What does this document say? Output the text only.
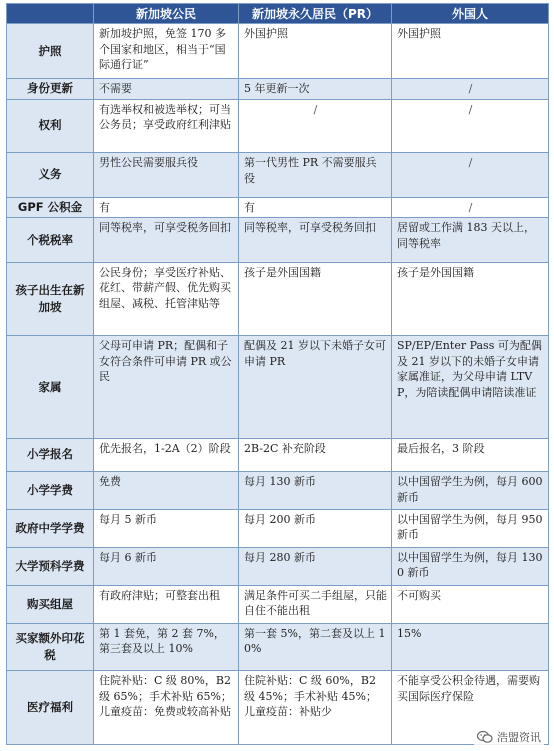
	新加坡公民	新加坡永久居民（PR）	外国人
护照	新加坡护照，免签 170 多个国家和地区，相当于“国际通行证”	外国护照	外国护照
身份更新	不需要	5 年更新一次	/
权利	有选举权和被选举权；可当公务员；享受政府红利津贴	/	/
义务	男性公民需要服兵役	第一代男性 PR 不需要服兵役	/
GPF 公积金	有	有	/
个税税率	同等税率，可享受税务回扣	同等税率，可享受税务回扣	居留或工作满 183 天以上，同等税率
孩子出生在新加坡	公民身份；享受医疗补贴、花红、带薪产假、优先购买组屋、减税、托管津贴等	孩子是外国国籍	孩子是外国国籍
家属	父母可申请 PR；配偶和子女符合条件可申请 PR 或公民	配偶及 21 岁以下未婚子女可申请 PR	SP/EP/Enter Pass 可为配偶及 21 岁以下的未婚子女申请家属准证，为父母申请 LTVP，为陪读配偶申请陪读准证
小学报名	优先报名，1-2A（2）阶段	2B-2C 补充阶段	最后报名，3 阶段
小学学费	免费	每月 130 新币	以中国留学生为例，每月 600 新币
政府中学学费	每月 5 新币	每月 200 新币	以中国留学生为例，每月 950 新币
大学预科学费	每月 6 新币	每月 280 新币	以中国留学生为例，每月 1300 新币
购买组屋	有政府津贴；可整套出租	满足条件可买二手组屋，只能自住不能出租	不可购买
买家额外印花税	第 1 套免，第 2 套 7%，第三套及以上 10%	第一套 5%，第二套及以上 10%	15%
医疗福利	住院补贴：C 级 80%，B2 级 65%；手术补贴 65%；儿童疫苗：免费或较高补贴	住院补贴：C 级 60%，B2 级 45%；手术补贴 45%；儿童疫苗：补贴少	不能享受公积金待遇，需要购买国际医疗保险
浩盟资讯
